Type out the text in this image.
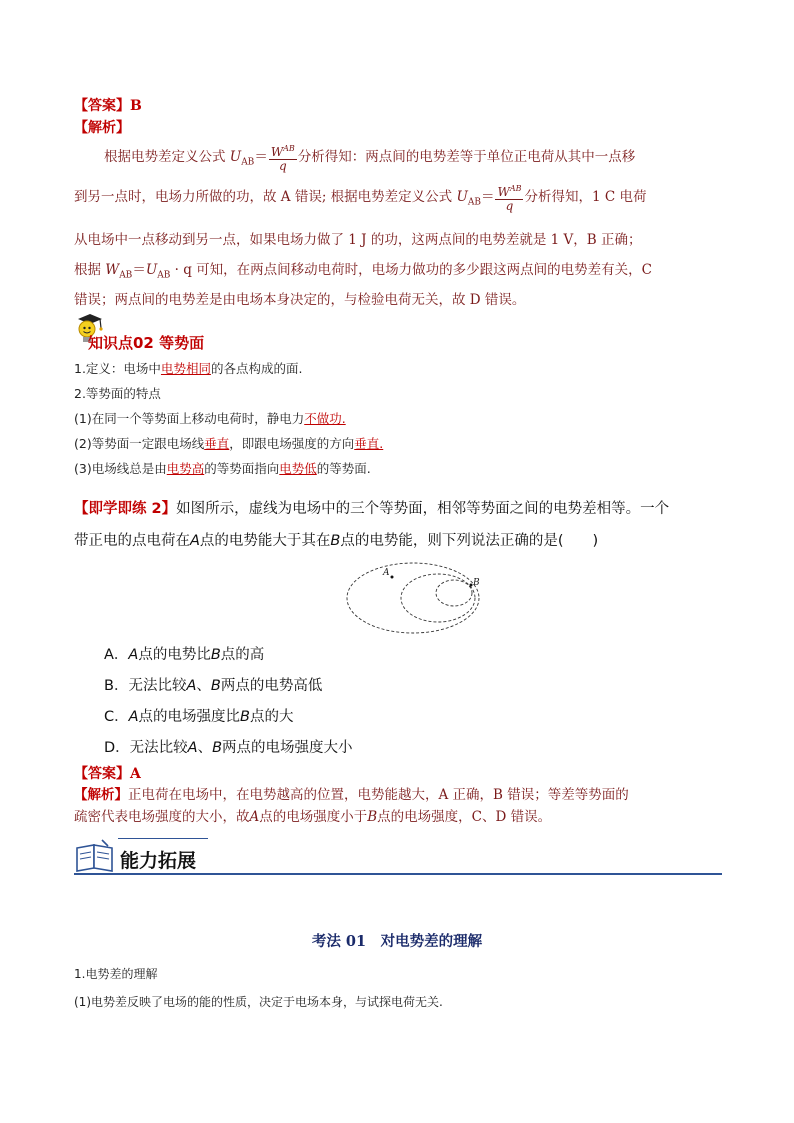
【答案】B
【解析】
根据电势差定义公式 $U_{AB}= \frac{W^{AB}}{q}$ 分析得知：两点间的电势差等于单位正电荷从其中一点移
到另一点时，电场力所做的功，故 A 错误; 根据电势差定义公式 $U_{AB}= \frac{W^{AB}}{q}$ 分析得知，1 C 电荷
从电场中一点移动到另一点，如果电场力做了 1 J 的功，这两点间的电势差就是 1 V，B 正确；
根据 $W_{AB}=U_{AB} \cdot q$ 可知，在两点间移动电荷时，电场力做功的多少跟这两点间的电势差有关，C
错误；两点间的电势差是由电场本身决定的，与检验电荷无关，故 D 错误。
知识点02 等势面
1.定义：电场中电势相同的各点构成的面.
2.等势面的特点
(1)在同一个等势面上移动电荷时，静电力不做功.
(2)等势面一定跟电场线垂直，即跟电场强度的方向垂直.
(3)电场线总是由电势高的等势面指向电势低的等势面.
【即学即练 2】如图所示，虚线为电场中的三个等势面，相邻等势面之间的电势差相等。一个
带正电的点电荷在A点的电势能大于其在B点的电势能，则下列说法正确的是(　　)
A
B
A．A点的电势比B点的高
B．无法比较A、B两点的电势高低
C．A点的电场强度比B点的大
D．无法比较A、B两点的电场强度大小
【答案】A
【解析】正电荷在电场中，在电势越高的位置，电势能越大，A 正确，B 错误；等差等势面的
疏密代表电场强度的大小，故A点的电场强度小于B点的电场强度，C、D 错误。
能力拓展
考法 01　对电势差的理解
1.电势差的理解
(1)电势差反映了电场的能的性质，决定于电场本身，与试探电荷无关.
